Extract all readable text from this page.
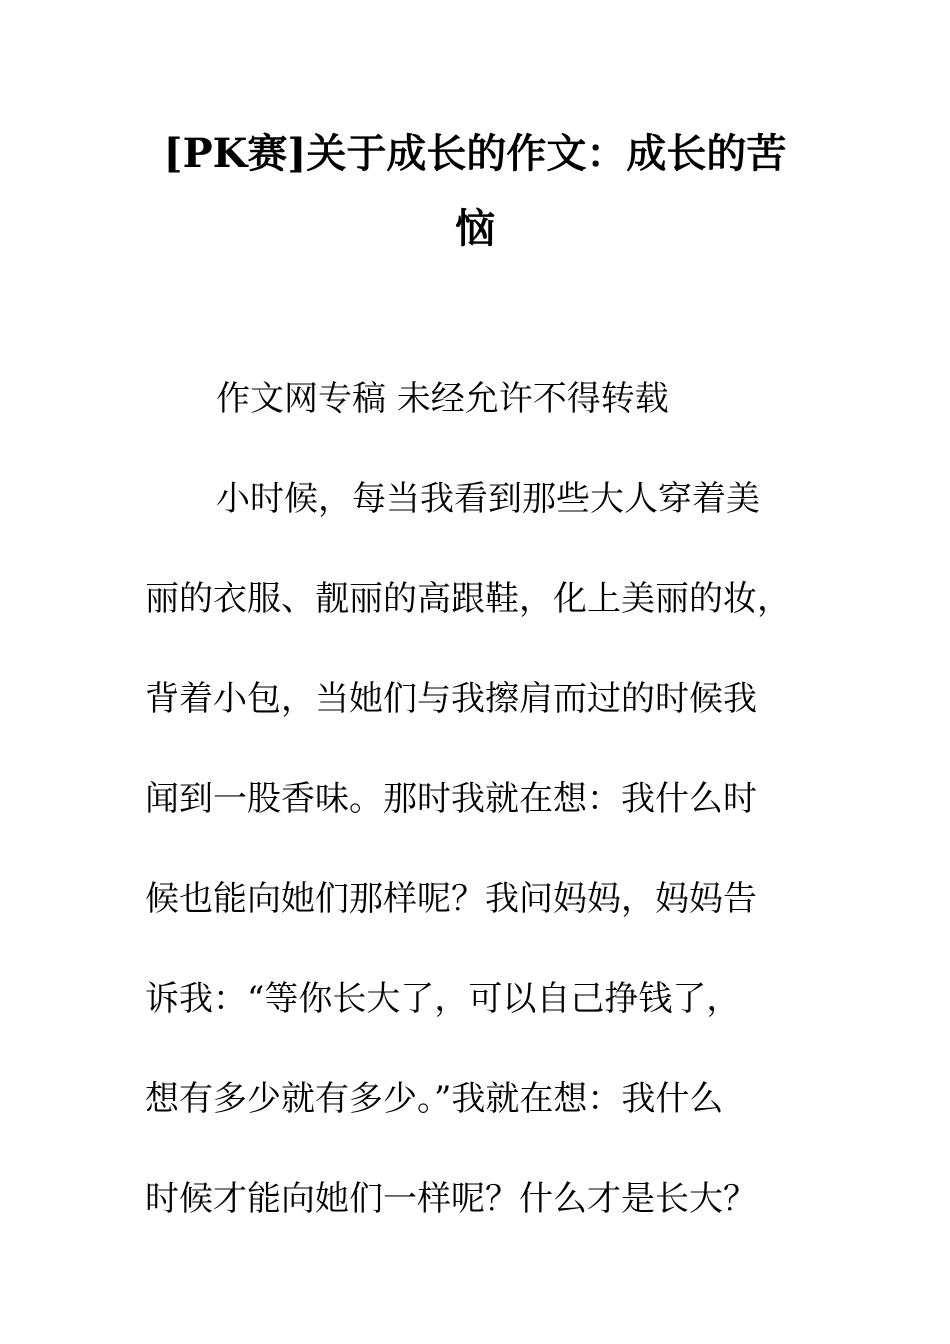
[PK赛]关于成长的作文：成长的苦
恼
作文网专稿 未经允许不得转载
小时候，每当我看到那些大人穿着美
丽的衣服、靓丽的高跟鞋，化上美丽的妆，
背着小包，当她们与我擦肩而过的时候我
闻到一股香味。那时我就在想：我什么时
候也能向她们那样呢？我问妈妈，妈妈告
诉我：“等你长大了，可以自己挣钱了，
想有多少就有多少。”我就在想：我什么
时候才能向她们一样呢？什么才是长大？
